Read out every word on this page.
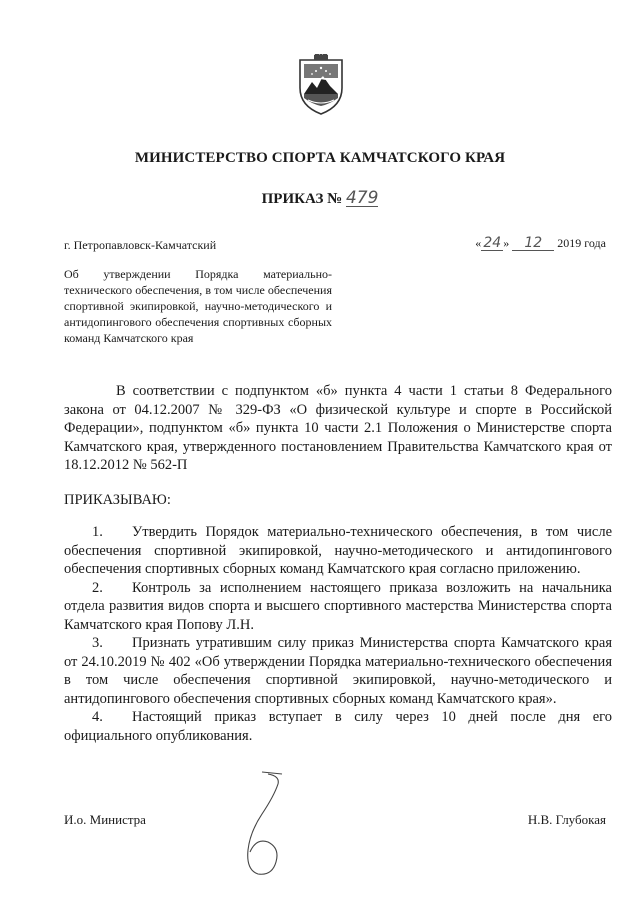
МИНИСТЕРСТВО СПОРТА КАМЧАТСКОГО КРАЯ
ПРИКАЗ № 479
г. Петропавловск-Камчатский	« 24 » 12 2019 года
Об утверждении Порядка материально-технического обеспечения, в том числе обеспечения спортивной экипировкой, научно-методического и антидопингового обеспечения спортивных сборных команд Камчатского края

В соответствии с подпунктом «б» пункта 4 части 1 статьи 8 Федерального закона от 04.12.2007 № 329-ФЗ «О физической культуре и спорте в Российской Федерации», подпунктом «б» пункта 10 части 2.1 Положения о Министерстве спорта Камчатского края, утвержденного постановлением Правительства Камчатского края от 18.12.2012 № 562-П

ПРИКАЗЫВАЮ:

1. Утвердить Порядок материально-технического обеспечения, в том числе обеспечения спортивной экипировкой, научно-методического и антидопингового обеспечения спортивных сборных команд Камчатского края согласно приложению.

2. Контроль за исполнением настоящего приказа возложить на начальника отдела развития видов спорта и высшего спортивного мастерства Министерства спорта Камчатского края Попову Л.Н.

3. Признать утратившим силу приказ Министерства спорта Камчатского края от 24.10.2019 № 402 «Об утверждении Порядка материально-технического обеспечения в том числе обеспечения спортивной экипировкой, научно-методического и антидопингового обеспечения спортивных сборных команд Камчатского края».

4. Настоящий приказ вступает в силу через 10 дней после дня его официального опубликования.

И.о. Министра	Н.В. Глубокая
